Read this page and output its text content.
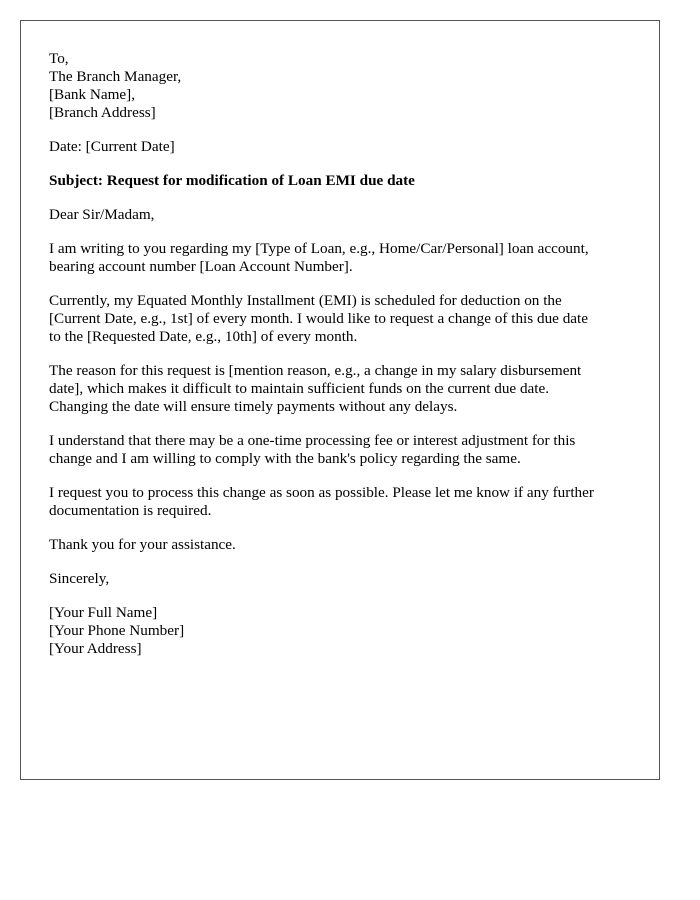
To,
The Branch Manager,
[Bank Name],
[Branch Address]
Date: [Current Date]
Subject: Request for modification of Loan EMI due date
Dear Sir/Madam,
I am writing to you regarding my [Type of Loan, e.g., Home/Car/Personal] loan account,
bearing account number [Loan Account Number].
Currently, my Equated Monthly Installment (EMI) is scheduled for deduction on the
[Current Date, e.g., 1st] of every month. I would like to request a change of this due date
to the [Requested Date, e.g., 10th] of every month.
The reason for this request is [mention reason, e.g., a change in my salary disbursement
date], which makes it difficult to maintain sufficient funds on the current due date.
Changing the date will ensure timely payments without any delays.
I understand that there may be a one-time processing fee or interest adjustment for this
change and I am willing to comply with the bank's policy regarding the same.
I request you to process this change as soon as possible. Please let me know if any further
documentation is required.
Thank you for your assistance.
Sincerely,
[Your Full Name]
[Your Phone Number]
[Your Address]
